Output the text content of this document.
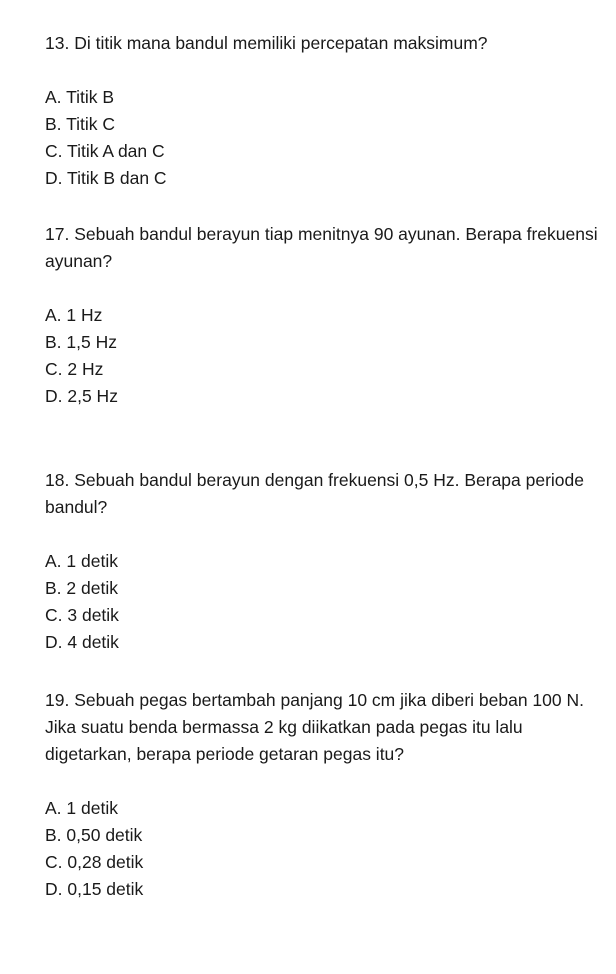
13. Di titik mana bandul memiliki percepatan maksimum?

A. Titik B
B. Titik C
C. Titik A dan C
D. Titik B dan C

17. Sebuah bandul berayun tiap menitnya 90 ayunan. Berapa frekuensi ayunan?

A. 1 Hz
B. 1,5 Hz
C. 2 Hz
D. 2,5 Hz

18. Sebuah bandul berayun dengan frekuensi 0,5 Hz. Berapa periode bandul?

A. 1 detik
B. 2 detik
C. 3 detik
D. 4 detik

19. Sebuah pegas bertambah panjang 10 cm jika diberi beban 100 N. Jika suatu benda bermassa 2 kg diikatkan pada pegas itu lalu digetarkan, berapa periode getaran pegas itu?

A. 1 detik
B. 0,50 detik
C. 0,28 detik
D. 0,15 detik
